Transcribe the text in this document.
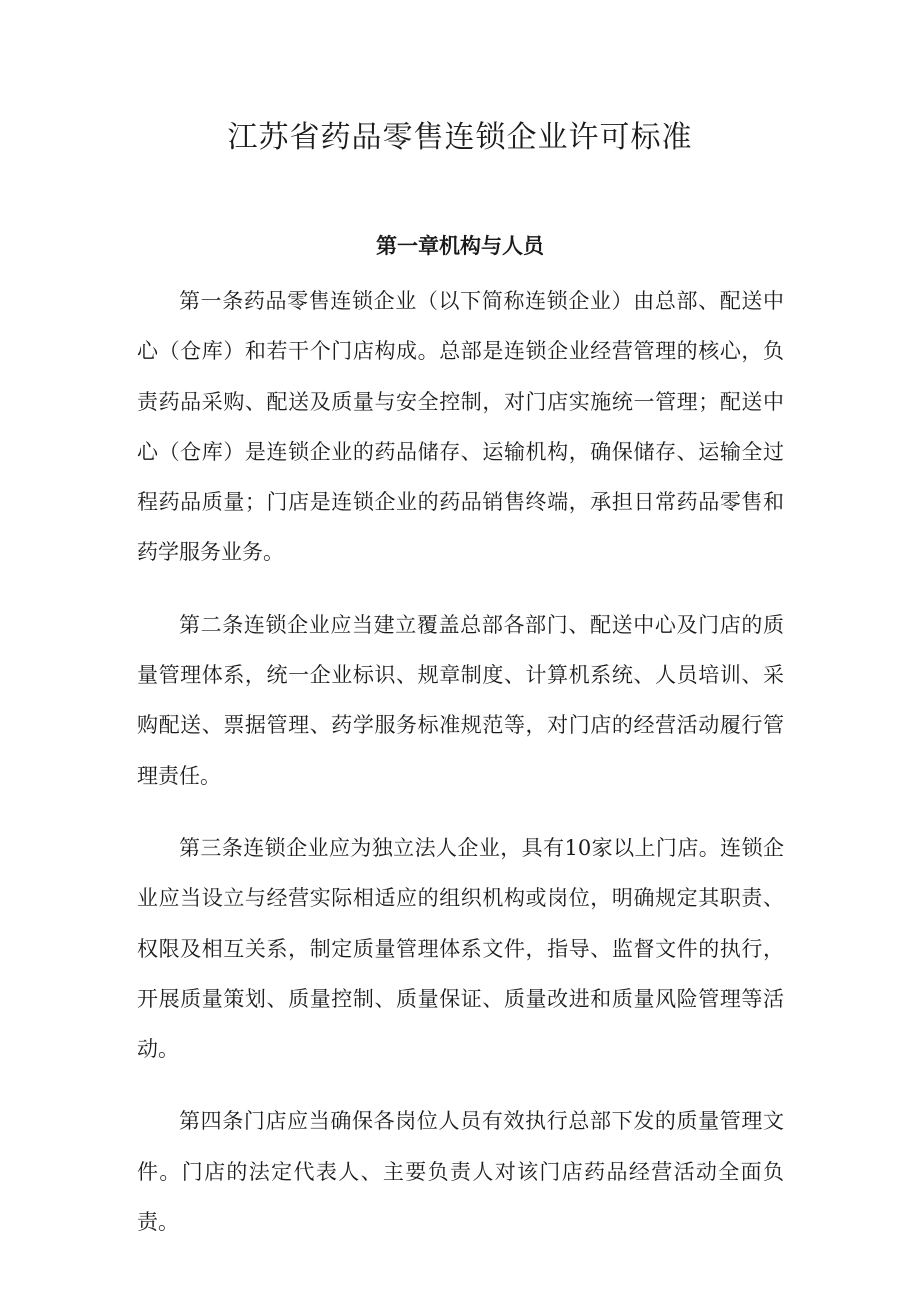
江苏省药品零售连锁企业许可标准
第一章机构与人员

第一条药品零售连锁企业（以下简称连锁企业）由总部、配送中心（仓库）和若干个门店构成。总部是连锁企业经营管理的核心，负责药品采购、配送及质量与安全控制，对门店实施统一管理；配送中心（仓库）是连锁企业的药品储存、运输机构，确保储存、运输全过程药品质量；门店是连锁企业的药品销售终端，承担日常药品零售和药学服务业务。

第二条连锁企业应当建立覆盖总部各部门、配送中心及门店的质量管理体系，统一企业标识、规章制度、计算机系统、人员培训、采购配送、票据管理、药学服务标准规范等，对门店的经营活动履行管理责任。

第三条连锁企业应为独立法人企业，具有10家以上门店。连锁企业应当设立与经营实际相适应的组织机构或岗位，明确规定其职责、权限及相互关系，制定质量管理体系文件，指导、监督文件的执行，开展质量策划、质量控制、质量保证、质量改进和质量风险管理等活动。

第四条门店应当确保各岗位人员有效执行总部下发的质量管理文件。门店的法定代表人、主要负责人对该门店药品经营活动全面负责。
